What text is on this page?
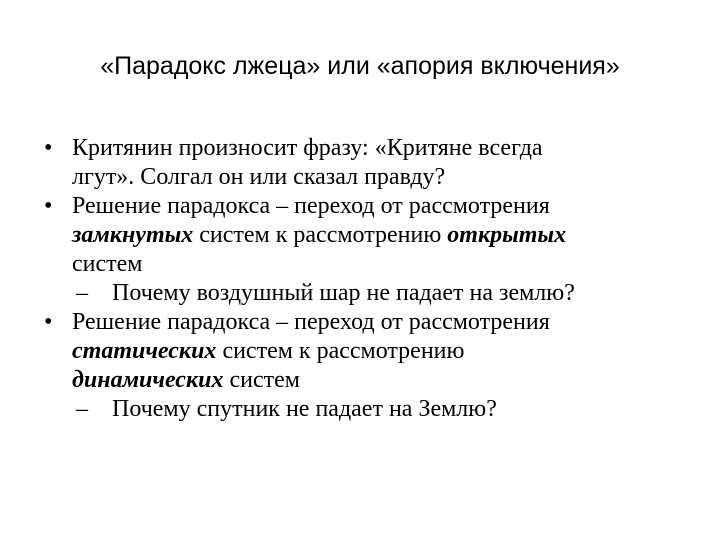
«Парадокс лжеца» или «апория включения»
• Критянин произносит фразу: «Критяне всегда
лгут». Солгал он или сказал правду?
• Решение парадокса – переход от рассмотрения
замкнутых систем к рассмотрению открытых
систем
– Почему воздушный шар не падает на землю?
• Решение парадокса – переход от рассмотрения
статических систем к рассмотрению
динамических систем
– Почему спутник не падает на Землю?
